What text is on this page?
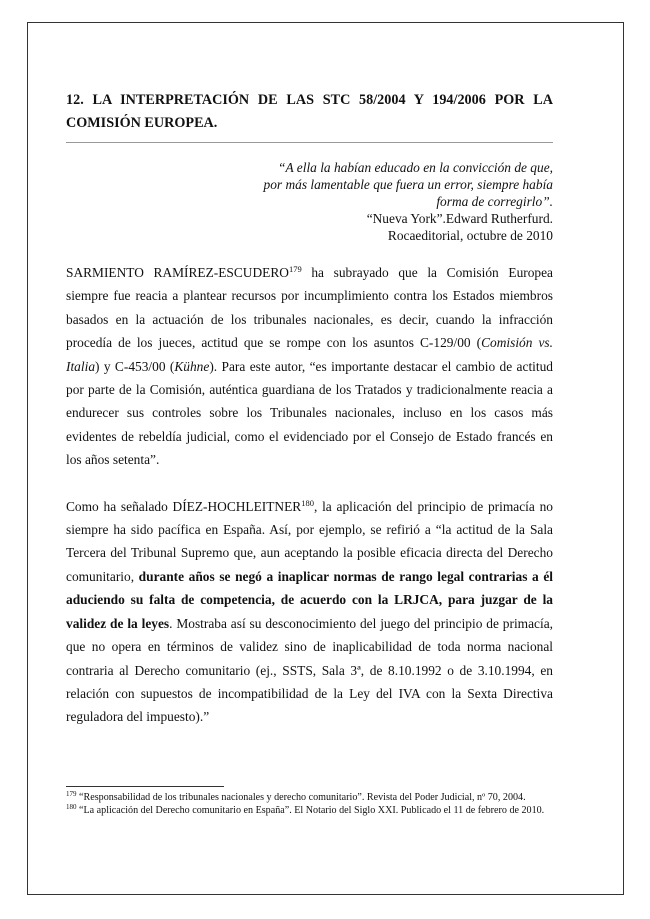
12. LA INTERPRETACIÓN DE LAS STC 58/2004 Y 194/2006 POR LA
COMISIÓN EUROPEA.
“A ella la habían educado en la convicción de que,
por más lamentable que fuera un error, siempre había
forma de corregirlo”.
“Nueva York”.Edward Rutherfurd.
Rocaeditorial, octubre de 2010

SARMIENTO RAMÍREZ-ESCUDERO$^{179}$ ha subrayado que la Comisión Europea siempre fue reacia a plantear recursos por incumplimiento contra los Estados miembros basados en la actuación de los tribunales nacionales, es decir, cuando la infracción procedía de los jueces, actitud que se rompe con los asuntos C-129/00 (Comisión vs. Italia) y C-453/00 (Kühne). Para este autor, “es importante destacar el cambio de actitud por parte de la Comisión, auténtica guardiana de los Tratados y tradicionalmente reacia a endurecer sus controles sobre los Tribunales nacionales, incluso en los casos más evidentes de rebeldía judicial, como el evidenciado por el Consejo de Estado francés en los años setenta”.

Como ha señalado DÍEZ-HOCHLEITNER$^{180}$, la aplicación del principio de primacía no siempre ha sido pacífica en España. Así, por ejemplo, se refirió a “la actitud de la Sala Tercera del Tribunal Supremo que, aun aceptando la posible eficacia directa del Derecho comunitario, durante años se negó a inaplicar normas de rango legal contrarias a él aduciendo su falta de competencia, de acuerdo con la LRJCA, para juzgar de la validez de la leyes. Mostraba así su desconocimiento del juego del principio de primacía, que no opera en términos de validez sino de inaplicabilidad de toda norma nacional contraria al Derecho comunitario (ej., SSTS, Sala 3ª, de 8.10.1992 o de 3.10.1994, en relación con supuestos de incompatibilidad de la Ley del IVA con la Sexta Directiva reguladora del impuesto).”

$^{179}$ “Responsabilidad de los tribunales nacionales y derecho comunitario”. Revista del Poder Judicial, nº 70, 2004.

$^{180}$ “La aplicación del Derecho comunitario en España”. El Notario del Siglo XXI. Publicado el 11 de febrero de 2010.
